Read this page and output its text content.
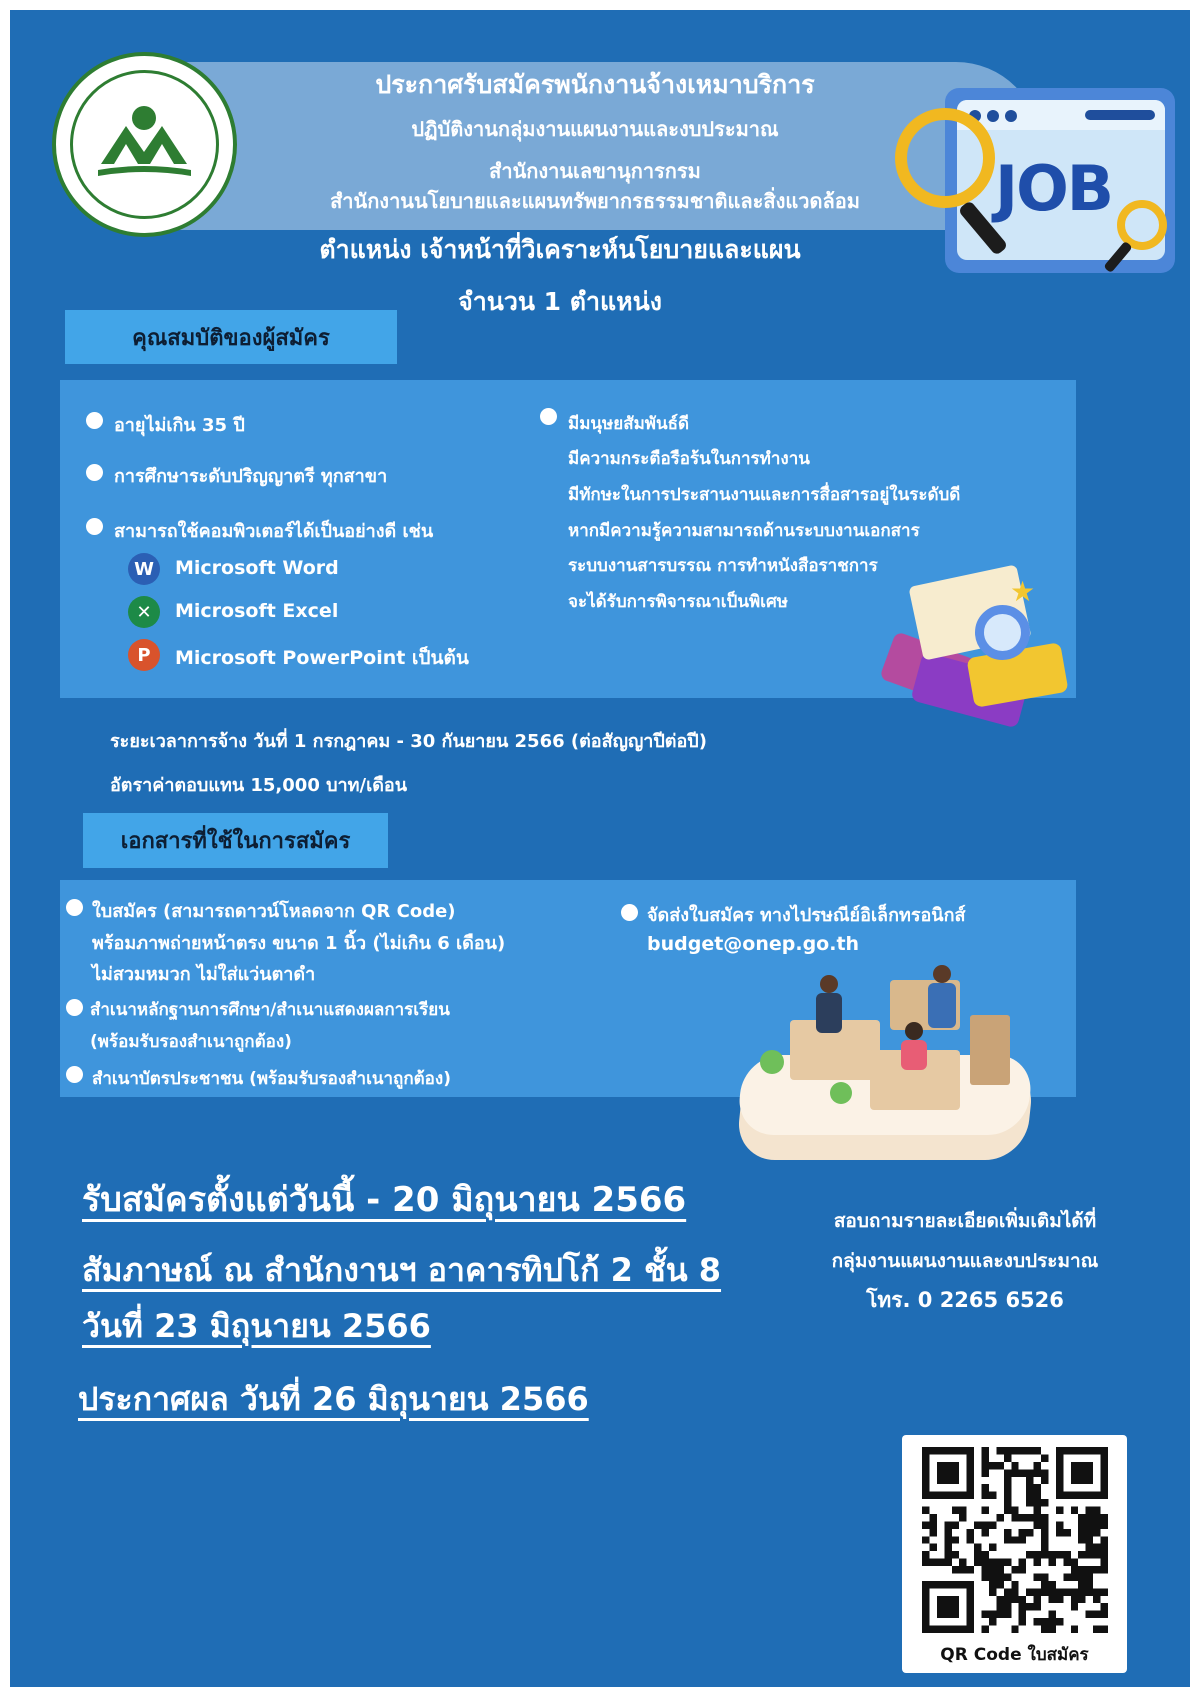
ประกาศรับสมัครพนักงานจ้างเหมาบริการ
ปฏิบัติงานกลุ่มงานแผนงานและงบประมาณ
สำนักงานเลขานุการกรม
สำนักงานนโยบายและแผนทรัพยากรธรรมชาติและสิ่งแวดล้อม	JOB
ตำแหน่ง เจ้าหน้าที่วิเคราะห์นโยบายและแผน
จำนวน 1 ตำแหน่ง
คุณสมบัติของผู้สมัคร
อายุไม่เกิน 35 ปี
การศึกษาระดับปริญญาตรี ทุกสาขา
สามารถใช้คอมพิวเตอร์ได้เป็นอย่างดี เช่น
W	Microsoft Word
✕	Microsoft Excel
P	Microsoft PowerPoint เป็นต้น
มีมนุษยสัมพันธ์ดี
มีความกระตือรือร้นในการทำงาน
มีทักษะในการประสานงานและการสื่อสารอยู่ในระดับดี
หากมีความรู้ความสามารถด้านระบบงานเอกสาร
ระบบงานสารบรรณ การทำหนังสือราชการ
จะได้รับการพิจารณาเป็นพิเศษ	★
ระยะเวลาการจ้าง วันที่ 1 กรกฎาคม - 30 กันยายน 2566 (ต่อสัญญาปีต่อปี)
อัตราค่าตอบแทน 15,000 บาท/เดือน
เอกสารที่ใช้ในการสมัคร
ใบสมัคร (สามารถดาวน์โหลดจาก QR Code)
พร้อมภาพถ่ายหน้าตรง ขนาด 1 นิ้ว (ไม่เกิน 6 เดือน)
ไม่สวมหมวก ไม่ใส่แว่นตาดำ
สำเนาหลักฐานการศึกษา/สำเนาแสดงผลการเรียน
(พร้อมรับรองสำเนาถูกต้อง)
สำเนาบัตรประชาชน (พร้อมรับรองสำเนาถูกต้อง)
จัดส่งใบสมัคร ทางไปรษณีย์อิเล็กทรอนิกส์
budget@onep.go.th
รับสมัครตั้งแต่วันนี้ - 20 มิถุนายน 2566
สัมภาษณ์ ณ สำนักงานฯ อาคารทิปโก้ 2 ชั้น 8
วันที่ 23 มิถุนายน 2566
ประกาศผล วันที่ 26 มิถุนายน 2566
สอบถามรายละเอียดเพิ่มเติมได้ที่
กลุ่มงานแผนงานและงบประมาณ
โทร. 0 2265 6526
QR Code ใบสมัคร
